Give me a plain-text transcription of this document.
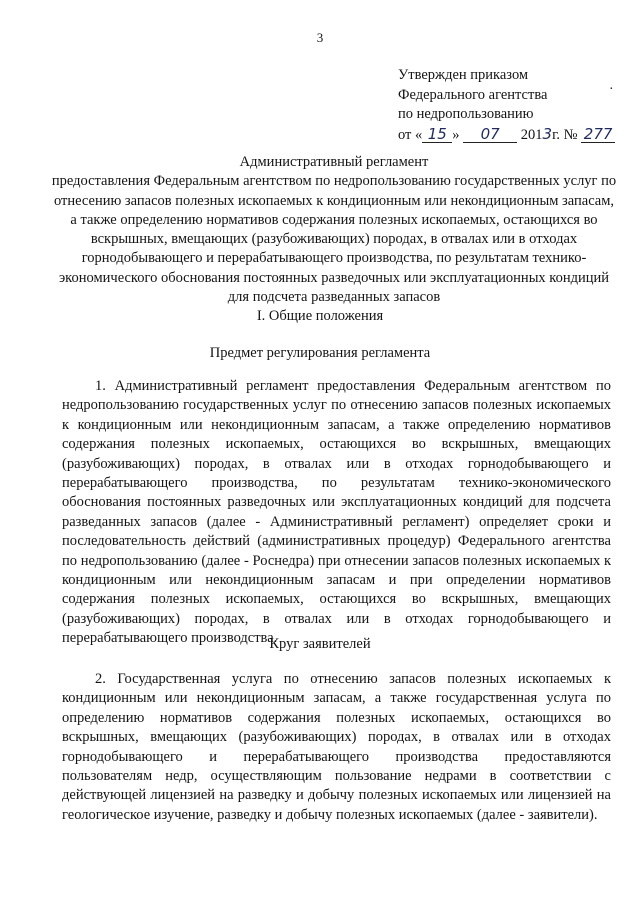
3
Утвержден приказом
Федерального агентства
по недропользованию
от « 15 » 07 2013г. № 277
·
Административный регламент
предоставления Федеральным агентством по недропользованию государственных услуг по отнесению запасов полезных ископаемых к кондиционным или некондиционным запасам, а также определению нормативов содержания полезных ископаемых, остающихся во вскрышных, вмещающих (разубоживающих) породах, в отвалах или в отходах горнодобывающего и перерабатывающего производства, по результатам технико-экономического обоснования постоянных разведочных или эксплуатационных кондиций для подсчета разведанных запасов
I. Общие положения
Предмет регулирования регламента
1. Административный регламент предоставления Федеральным агентством по недропользованию государственных услуг по отнесению запасов полезных ископаемых к кондиционным или некондиционным запасам, а также определению нормативов содержания полезных ископаемых, остающихся во вскрышных, вмещающих (разубоживающих) породах, в отвалах или в отходах горнодобывающего и перерабатывающего производства, по результатам технико-экономического обоснования постоянных разведочных или эксплуатационных кондиций для подсчета разведанных запасов (далее - Административный регламент) определяет сроки и последовательность действий (административных процедур) Федерального агентства по недропользованию (далее - Роснедра) при отнесении запасов полезных ископаемых к кондиционным или некондиционным запасам и при определении нормативов содержания полезных ископаемых, остающихся во вскрышных, вмещающих (разубоживающих) породах, в отвалах или в отходах горнодобывающего и перерабатывающего производства.
Круг заявителей
2. Государственная услуга по отнесению запасов полезных ископаемых к кондиционным или некондиционным запасам, а также государственная услуга по определению нормативов содержания полезных ископаемых, остающихся во вскрышных, вмещающих (разубоживающих) породах, в отвалах или в отходах горнодобывающего и перерабатывающего производства предоставляются пользователям недр, осуществляющим пользование недрами в соответствии с действующей лицензией на разведку и добычу полезных ископаемых или лицензией на геологическое изучение, разведку и добычу полезных ископаемых (далее - заявители).
